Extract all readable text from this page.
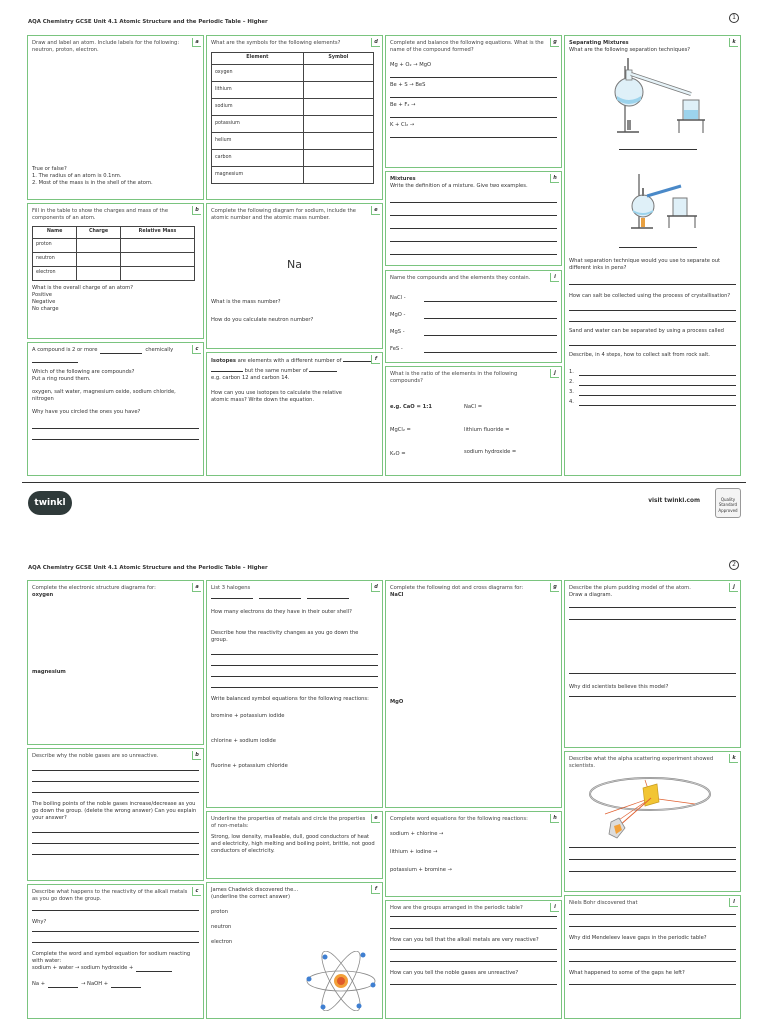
AQA Chemistry GCSE Unit 4.1 Atomic Structure and the Periodic Table – Higher
1
a
Draw and label an atom. Include labels for the following: neutron, proton, electron.
True or false?
1. The radius of an atom is 0.1nm.
2. Most of the mass is in the shell of the atom.
b
Fill in the table to show the charges and mass of the components of an atom.
Name	Charge	Relative Mass
proton		
neutron		
electron		
What is the overall charge of an atom?
Positive
Negative
No charge
c
A compound is 2 or more	chemically
Which of the following are compounds?
Put a ring round them.
oxygen, salt water, magnesium oxide, sodium chloride, nitrogen
Why have you circled the ones you have?
d
What are the symbols for the following elements?
Element	Symbol
oxygen	
lithium	
sodium	
potassium	
helium	
carbon	
magnesium	
e
Complete the following diagram for sodium, include the atomic number and the atomic mass number.
Na
What is the mass number?
How do you calculate neutron number?
f
Isotopes are elements with a different number of
but the same number of
e.g. carbon 12 and carbon 14.
How can you use isotopes to calculate the relative atomic mass? Write down the equation.
g
Complete and balance the following equations. What is the name of the compound formed?
Mg + O₂ → MgO
Be + S → BeS
Be + F₂ →
K + Cl₂ →
h
Mixtures
Write the definition of a mixture. Give two examples.
i
Name the compounds and the elements they contain.
NaCl -
MgO -
MgS -
FeS -
j
What is the ratio of the elements in the following compounds?
e.g. CaO = 1:1	NaCl =
MgCl₂ =	lithium fluoride =
K₂O =	sodium hydroxide =
k
Separating Mixtures
What are the following separation techniques?
What separation technique would you use to separate out different inks in pens?
How can salt be collected using the process of crystallisation?
Sand and water can be separated by using a process called
Describe, in 4 steps, how to collect salt from rock salt.
1.
2.
3.
4.
twinkl	visit twinkl.com	Quality Standard Approved
AQA Chemistry GCSE Unit 4.1 Atomic Structure and the Periodic Table – Higher	2
a
Complete the electronic structure diagrams for:
oxygen
magnesium
b
Describe why the noble gases are so unreactive.
The boiling points of the noble gases increase/decrease as you go down the group. (delete the wrong answer) Can you explain your answer?
c
Describe what happens to the reactivity of the alkali metals as you go down the group.
Why?
Complete the word and symbol equation for sodium reacting with water:
sodium + water → sodium hydroxide +
Na +	→ NaOH +
d
List 3 halogens
How many electrons do they have in their outer shell?
Describe how the reactivity changes as you go down the group.
Write balanced symbol equations for the following reactions:
bromine + potassium iodide
chlorine + sodium iodide
fluorine + potassium chloride
e
Underline the properties of metals and circle the properties of non-metals:
Strong, low density, malleable, dull, good conductors of heat and electricity, high melting and boiling point, brittle, not good conductors of electricity.
f
James Chadwick discovered the...
(underline the correct answer)
proton
neutron
electron
g
Complete the following dot and cross diagrams for:
NaCl
MgO
h
Complete word equations for the following reactions:
sodium + chlorine →
lithium + iodine →
potassium + bromine →
i
How are the groups arranged in the periodic table?
How can you tell that the alkali metals are very reactive?
How can you tell the noble gases are unreactive?
j
Describe the plum pudding model of the atom.
Draw a diagram.
Why did scientists believe this model?
k
Describe what the alpha scattering experiment showed scientists.
l
Niels Bohr discovered that
Why did Mendeleev leave gaps in the periodic table?
What happened to some of the gaps he left?
